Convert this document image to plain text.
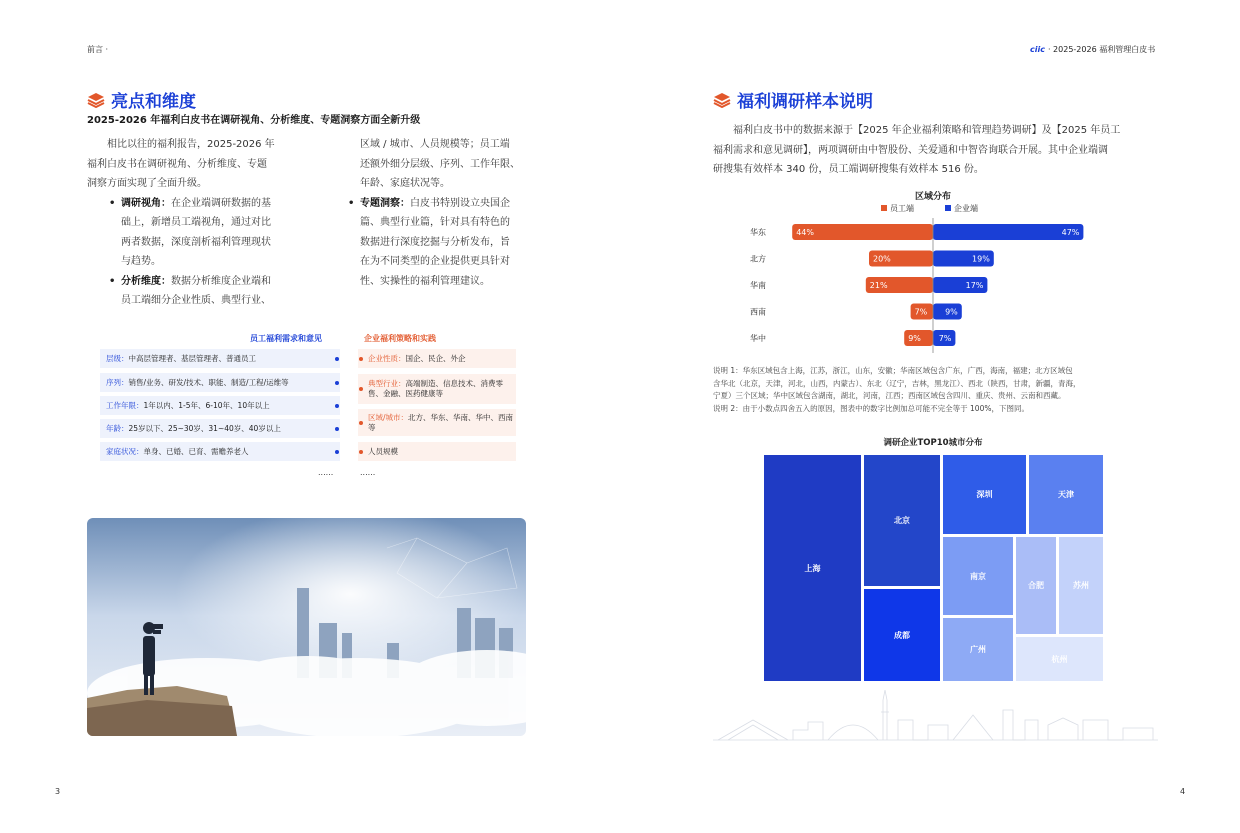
前言 ·	ciic · 2025-2026 福利管理白皮书
亮点和维度
2025-2026 年福利白皮书在调研视角、分析维度、专题洞察方面全新升级
相比以往的福利报告，2025-2026 年
福利白皮书在调研视角、分析维度、专题
洞察方面实现了全面升级。
• 调研视角：在企业端调研数据的基
础上，新增员工端视角，通过对比
两者数据，深度剖析福利管理现状
与趋势。
• 分析维度：数据分析维度企业端和
员工端细分企业性质、典型行业、
区域 / 城市、人员规模等；员工端
还额外细分层级、序列、工作年限、
年龄、家庭状况等。
• 专题洞察：白皮书特别设立央国企
篇、典型行业篇，针对具有特色的
数据进行深度挖掘与分析发布，旨
在为不同类型的企业提供更具针对
性、实操性的福利管理建议。
员工福利需求和意见	企业福利策略和实践
层级： 中高层管理者、基层管理者、普通员工
序列： 销售/业务、研发/技术、职能、制造/工程/运维等
工作年限： 1年以内、1-5年、6-10年、10年以上
年龄： 25岁以下、25~30岁、31~40岁、40岁以上
家庭状况： 单身、已婚、已育、需赡养老人
企业性质：国企、民企、外企
典型行业：高端制造、信息技术、消费零售、金融、医药健康等
区域/城市：北方、华东、华南、华中、西南等
人员规模
......	......
3
福利调研样本说明
福利白皮书中的数据来源于【2025 年企业福利策略和管理趋势调研】及【2025 年员工
福利需求和意见调研】，两项调研由中智股份、关爱通和中智咨询联合开展。其中企业端调
研搜集有效样本 340 份，员工端调研搜集有效样本 516 份。
区域分布
员工端	企业端
华东	44%	47%
北方	20%	19%
华南	21%	17%
西南	7% 9%
华中	9% 7%
说明 1：华东区域包含上海，江苏，浙江，山东，安徽；华南区域包含广东，广西，海南，福建；北方区域包
含华北（北京，天津，河北，山西，内蒙古）、东北（辽宁，吉林，黑龙江）、西北（陕西，甘肃，新疆，青海，
宁夏）三个区域；华中区域包含湖南，湖北，河南，江西；西南区域包含四川、重庆、贵州、云南和西藏。
说明 2：由于小数点四舍五入的原因，图表中的数字比例加总可能不完全等于 100%，下图同。
调研企业TOP10城市分布
上海
北京
成都
深圳	天津
南京
广州
合肥	苏州
杭州
4
